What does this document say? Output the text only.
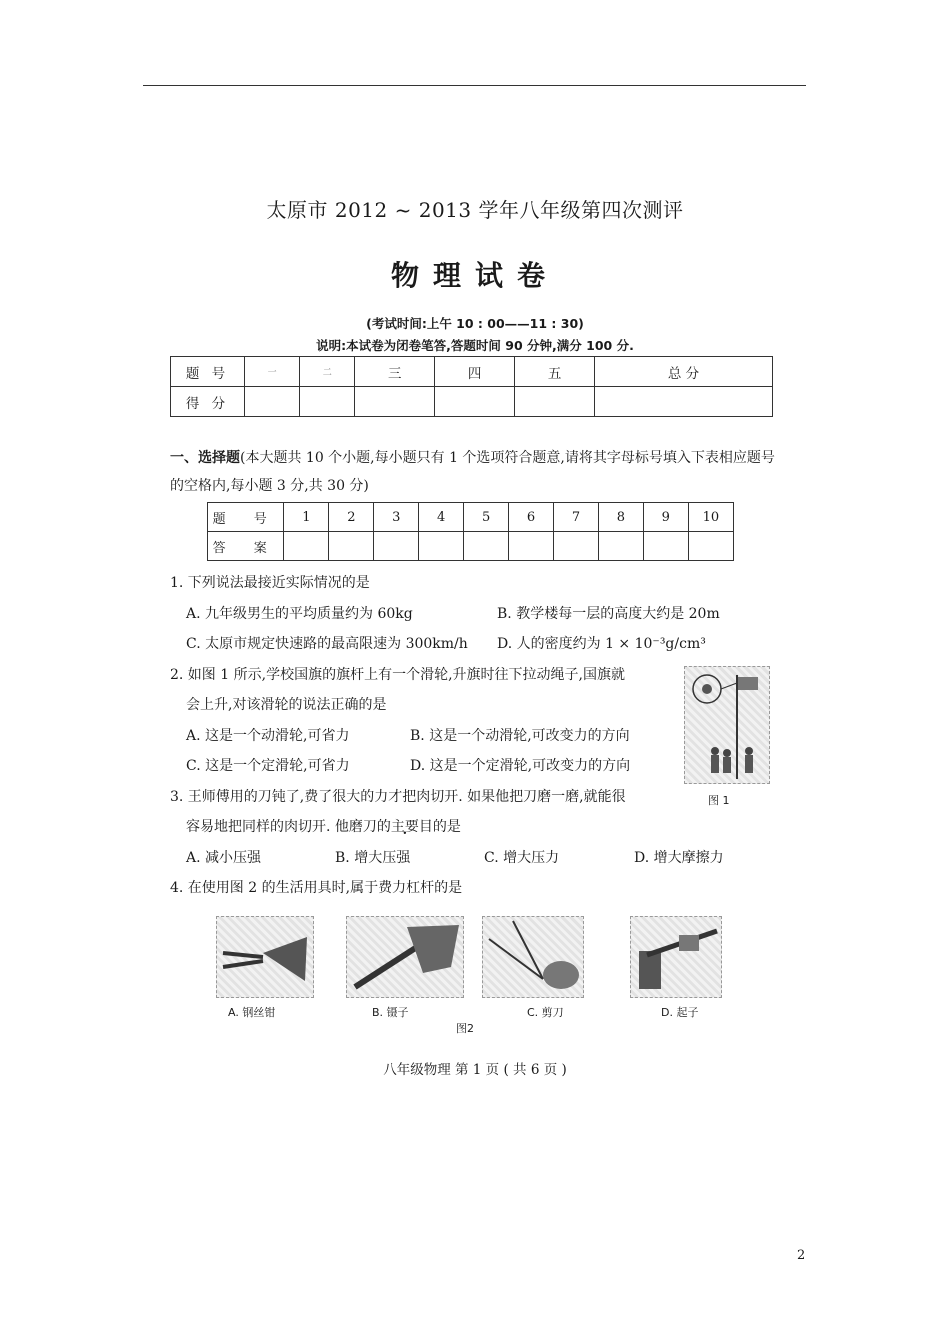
太原市 2012 ~ 2013 学年八年级第四次测评
物理试卷
(考试时间:上午 10 : 00——11 : 30)
说明:本试卷为闭卷笔答,答题时间 90 分钟,满分 100 分.
题 号	一	二	三	四	五	总 分
得 分						
一、选择题(本大题共 10 个小题,每小题只有 1 个选项符合题意,请将其字母标号填入下表相应题号的空格内,每小题 3 分,共 30 分)
题 号	1	2	3	4	5	6	7	8	9	10
答 案										
1. 下列说法最接近实际情况的是
A. 九年级男生的平均质量约为 60kg	B. 教学楼每一层的高度大约是 20m
C. 太原市规定快速路的最高限速为 300km/h D. 人的密度约为 1 × 10⁻³g/cm³
2. 如图 1 所示,学校国旗的旗杆上有一个滑轮,升旗时往下拉动绳子,国旗就
会上升,对该滑轮的说法正确的是
A. 这是一个动滑轮,可省力	B. 这是一个动滑轮,可改变力的方向
C. 这是一个定滑轮,可省力	D. 这是一个定滑轮,可改变力的方向
图 1
3. 王师傅用的刀钝了,费了很大的力才把肉切开. 如果他把刀磨一磨,就能很
容易地把同样的肉切开. 他磨刀的主要目的是
A. 减小压强	B. 增大压强	C. 增大压力	D. 增大摩擦力
4. 在使用图 2 的生活用具时,属于费力杠杆的是
A. 钢丝钳	B. 镊子	C. 剪刀	D. 起子
图2
八年级物理 第 1 页 ( 共 6 页 )
2
